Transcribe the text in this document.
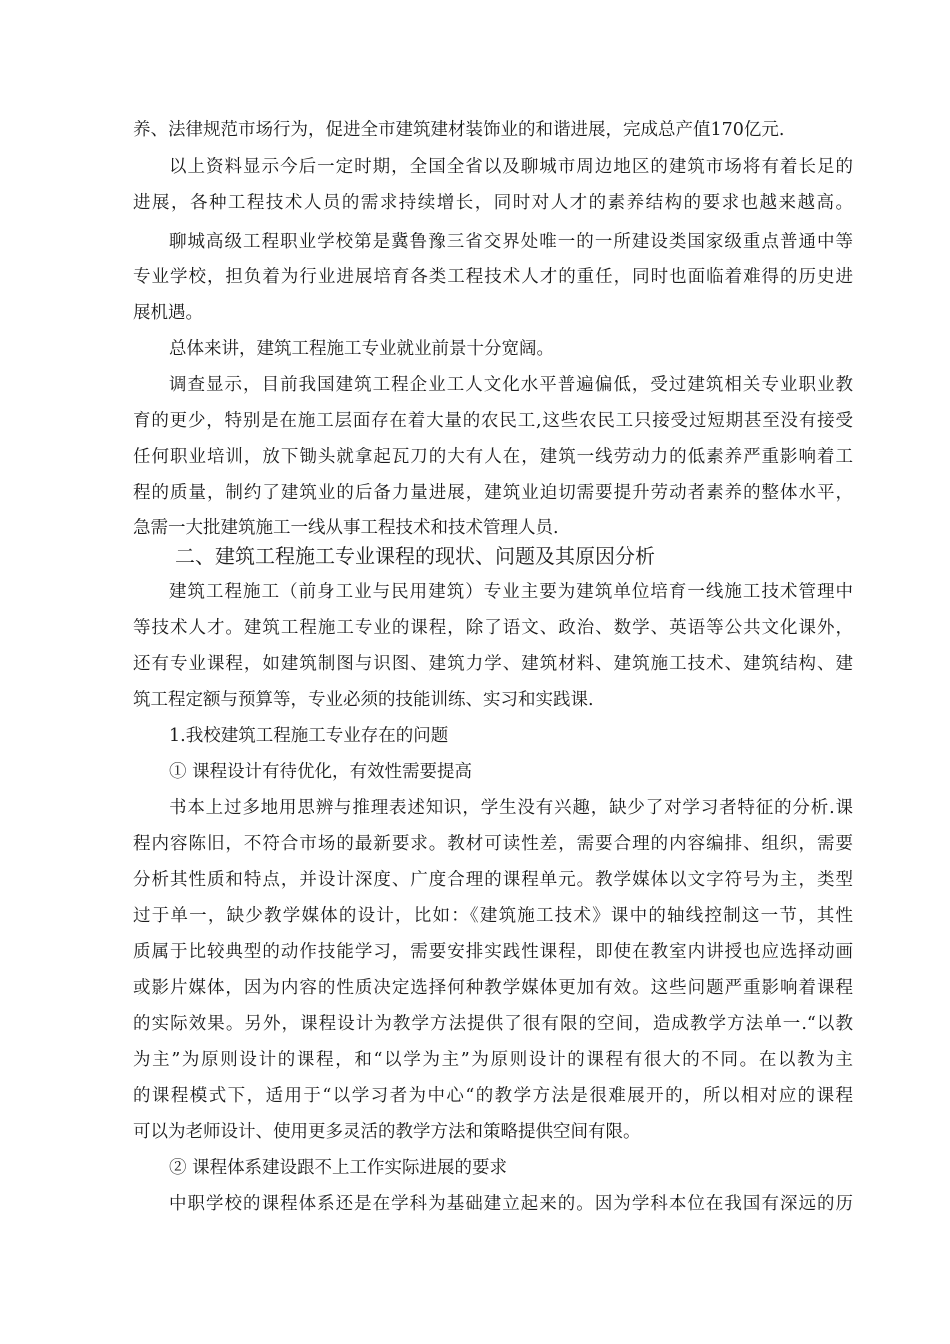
养、法律规范市场行为，促进全市建筑建材装饰业的和谐进展，完成总产值170亿元.
以上资料显示今后一定时期，全国全省以及聊城市周边地区的建筑市场将有着长足的
进展，各种工程技术人员的需求持续增长，同时对人才的素养结构的要求也越来越高。
聊城高级工程职业学校第是冀鲁豫三省交界处唯一的一所建设类国家级重点普通中等
专业学校，担负着为行业进展培育各类工程技术人才的重任，同时也面临着难得的历史进
展机遇。
总体来讲，建筑工程施工专业就业前景十分宽阔。
调查显示，目前我国建筑工程企业工人文化水平普遍偏低，受过建筑相关专业职业教
育的更少，特别是在施工层面存在着大量的农民工,这些农民工只接受过短期甚至没有接受
任何职业培训，放下锄头就拿起瓦刀的大有人在，建筑一线劳动力的低素养严重影响着工
程的质量，制约了建筑业的后备力量进展，建筑业迫切需要提升劳动者素养的整体水平，
急需一大批建筑施工一线从事工程技术和技术管理人员.
二、建筑工程施工专业课程的现状、问题及其原因分析
建筑工程施工（前身工业与民用建筑）专业主要为建筑单位培育一线施工技术管理中
等技术人才。建筑工程施工专业的课程，除了语文、政治、数学、英语等公共文化课外，
还有专业课程，如建筑制图与识图、建筑力学、建筑材料、建筑施工技术、建筑结构、建
筑工程定额与预算等，专业必须的技能训练、实习和实践课.
1.我校建筑工程施工专业存在的问题
① 课程设计有待优化，有效性需要提高
书本上过多地用思辨与推理表述知识，学生没有兴趣，缺少了对学习者特征的分析.课
程内容陈旧，不符合市场的最新要求。教材可读性差，需要合理的内容编排、组织，需要
分析其性质和特点，并设计深度、广度合理的课程单元。教学媒体以文字符号为主，类型
过于单一，缺少教学媒体的设计，比如：《建筑施工技术》课中的轴线控制这一节，其性
质属于比较典型的动作技能学习，需要安排实践性课程，即使在教室内讲授也应选择动画
或影片媒体，因为内容的性质决定选择何种教学媒体更加有效。这些问题严重影响着课程
的实际效果。另外，课程设计为教学方法提供了很有限的空间，造成教学方法单一.“以教
为主”为原则设计的课程，和“以学为主”为原则设计的课程有很大的不同。在以教为主
的课程模式下，适用于“以学习者为中心“的教学方法是很难展开的，所以相对应的课程
可以为老师设计、使用更多灵活的教学方法和策略提供空间有限。
② 课程体系建设跟不上工作实际进展的要求
中职学校的课程体系还是在学科为基础建立起来的。因为学科本位在我国有深远的历
